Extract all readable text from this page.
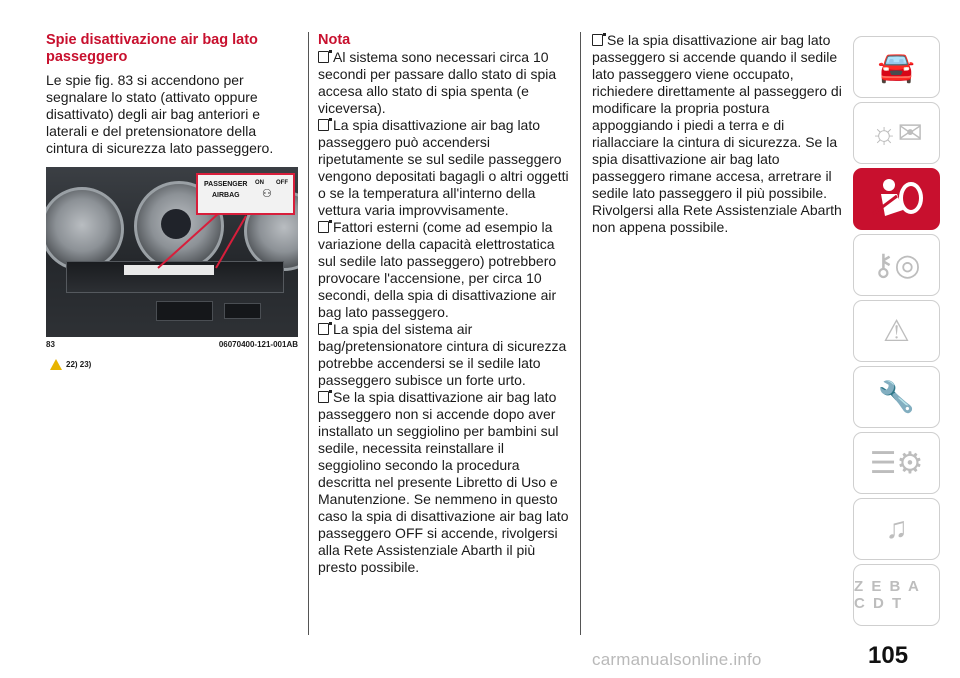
Spie disattivazione air bag lato passeggero

Le spie fig. 83 si accendono per segnalare lo stato (attivato oppure disattivato) degli air bag anteriori e laterali e del pretensionatore della cintura di sicurezza lato passeggero.

PASSENGER
AIRBAG
ON OFF
⚇
83	06070400-121-001AB
22) 23)
Nota

Al sistema sono necessari circa 10 secondi per passare dallo stato di spia accesa allo stato di spia spenta (e viceversa).

La spia disattivazione air bag lato passeggero può accendersi ripetutamente se sul sedile passeggero vengono depositati bagagli o altri oggetti o se la temperatura all'interno della vettura varia improvvisamente.

Fattori esterni (come ad esempio la variazione della capacità elettrostatica sul sedile lato passeggero) potrebbero provocare l'accensione, per circa 10 secondi, della spia di disattivazione air bag lato passeggero.

La spia del sistema air bag/pretensionatore cintura di sicurezza potrebbe accendersi se il sedile lato passeggero subisce un forte urto.

Se la spia disattivazione air bag lato passeggero non si accende dopo aver installato un seggiolino per bambini sul sedile, necessita reinstallare il seggiolino secondo la procedura descritta nel presente Libretto di Uso e Manutenzione. Se nemmeno in questo caso la spia di disattivazione air bag lato passeggero OFF si accende, rivolgersi alla Rete Assistenziale Abarth il più presto possibile.

Se la spia disattivazione air bag lato passeggero si accende quando il sedile lato passeggero viene occupato, richiedere direttamente al passeggero di modificare la propria postura appoggiando i piedi a terra e di riallacciare la cintura di sicurezza. Se la spia disattivazione air bag lato passeggero rimane accesa, arretrare il sedile lato passeggero il più possibile. Rivolgersi alla Rete Assistenziale Abarth non appena possibile.

🚘
☼✉
⚷◎
⚠
🔧
☰⚙
♫
Z E B A C D T
105
carmanualsonline.info
